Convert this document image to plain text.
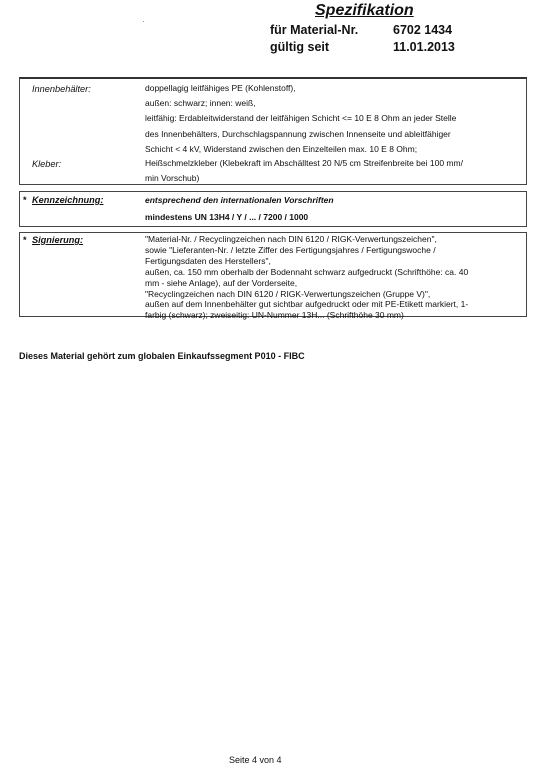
Spezifikation
für Material-Nr.	6702 1434
gültig seit	11.01.2013
Innenbehälter:	doppellagig leitfähiges PE (Kohlenstoff),
außen: schwarz; innen: weiß,
leitfähig: Erdableitwiderstand der leitfähigen Schicht <= 10 E 8 Ohm an jeder Stelle
des Innenbehälters, Durchschlagspannung zwischen Innenseite und ableitfähiger
Schicht < 4 kV, Widerstand zwischen den Einzelteilen max. 10 E 8 Ohm;
Kleber:	Heißschmelzkleber (Klebekraft im Abschälltest 20 N/5 cm Streifenbreite bei 100 mm/
min Vorschub)
* Kennzeichnung:	entsprechend den internationalen Vorschriften
mindestens UN 13H4 / Y / ... / 7200 / 1000
* Signierung:	"Material-Nr. / Recyclingzeichen nach DIN 6120 / RIGK-Verwertungszeichen",
sowie "Lieferanten-Nr. / letzte Ziffer des Fertigungsjahres / Fertigungswoche /
Fertigungsdaten des Herstellers",
außen, ca. 150 mm oberhalb der Bodennaht schwarz aufgedruckt (Schrifthöhe: ca. 40
mm - siehe Anlage), auf der Vorderseite,
"Recyclingzeichen nach DIN 6120 / RIGK-Verwertungszeichen (Gruppe V)",
außen auf dem Innenbehälter gut sichtbar aufgedruckt oder mit PE-Etikett markiert, 1-
farbig (schwarz); zweiseitig: UN-Nummer 13H... (Schrifthöhe 30 mm)
Dieses Material gehört zum globalen Einkaufssegment P010 - FIBC
Seite 4 von 4
